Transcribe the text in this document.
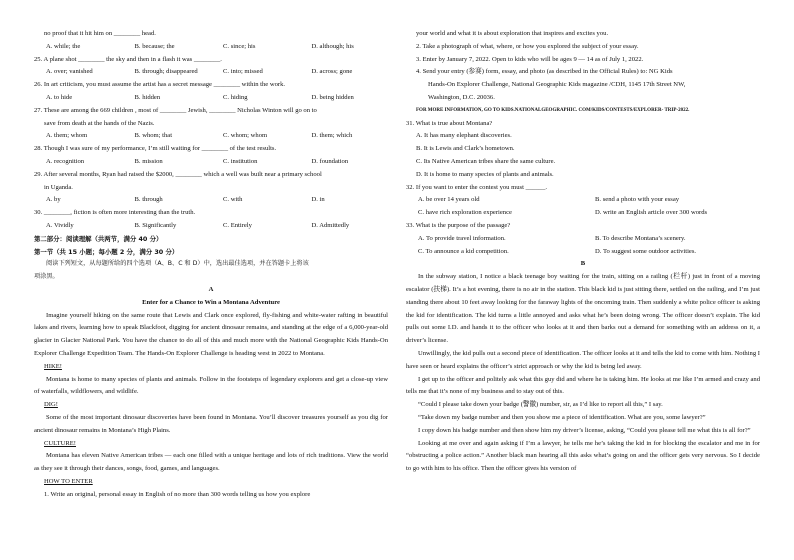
no proof that it hit him on ________ head.
A. while; the	B. because; the	C. since; his	D. although; his
25. A plane shot ________ the sky and then in a flash it was ________.
A. over; vanished	B. through; disappeared	C. into; missed	D. across; gone
26. In art criticism, you must assume the artist has a secret message ________ within the work.
A. to hide	B. hidden	C. hiding	D. being hidden
27. These are among the 669 children , most of ________ Jewish, ________ Nicholas Winton will go on to
save from death at the hands of the Nazis.
A. them; whom	B. whom; that	C. whom; whom	D. them; which
28. Though I was sure of my performance, I’m still waiting for ________ of the test results.
A. recognition	B. mission	C. institution	D. foundation
29. After several months, Ryan had raised the $2000, ________ which a well was built near a primary school
in Uganda.
A. by	B. through	C. with	D. in
30. ________, fiction is often more interesting than the truth.
A. Vividly	B. Significantly	C. Entirely	D. Admittedly
第二部分：阅读理解（共两节，满分 40 分）
第一节（共 15 小题；每小题 2 分，满分 30 分）
阅读下列短文，从每题所给的四个选项（A、B、C 和 D）中，选出最佳选项，并在答题卡上将该
项涂黑。
A
Enter for a Chance to Win a Montana Adventure
Imagine yourself hiking on the same route that Lewis and Clark once explored, fly-fishing and white-water rafting in beautiful lakes and rivers, learning how to speak Blackfoot, digging for ancient dinosaur remains, and standing at the edge of a 6,000-year-old glacier in Glacier National Park. You have the chance to do all of this and much more with the National Geographic Kids Hands-On Explorer Challenge Expedition Team. The Hands-On Explorer Challenge is heading west in 2022 to Montana.
HIKE!
Montana is home to many species of plants and animals. Follow in the footsteps of legendary explorers and get a close-up view of waterfalls, wildflowers, and wildlife.
DIG!
Some of the most important dinosaur discoveries have been found in Montana. You’ll discover treasures yourself as you dig for ancient dinosaur remains in Montana’s High Plains.
CULTURE!
Montana has eleven Native American tribes — each one filled with a unique heritage and lots of rich traditions. View the world as they see it through their dances, songs, food, games, and languages.
HOW TO ENTER
1. Write an original, personal essay in English of no more than 300 words telling us how you explore
your world and what it is about exploration that inspires and excites you.
2. Take a photograph of what, where, or how you explored the subject of your essay.
3. Enter by January 7, 2022. Open to kids who will be ages 9 — 14 as of July 1, 2022.
4. Send your entry (参赛) form, essay, and photo (as described in the Official Rules) to: NG Kids
Hands-On Explorer Challenge, National Geographic Kids magazine /CDH, 1145 17th Street NW,
Washington, D.C. 20036.
FOR MORE INFORMATION, GO TO KIDS.NATIONALGEOGRAPHIC. COM/KIDS/CONTESTS/EXPLORER- TRIP-2022.
31. What is true about Montana?
A. It has many elephant discoveries.
B. It is Lewis and Clark’s hometown.
C. Its Native American tribes share the same culture.
D. It is home to many species of plants and animals.
32. If you want to enter the contest you must ______.
A. be over 14 years old	B. send a photo with your essay
C. have rich exploration experience	D. write an English article over 300 words
33. What is the purpose of the passage?
A. To provide travel information.	B. To describe Montana’s scenery.
C. To announce a kid competition.	D. To suggest some outdoor activities.
B
In the subway station, I notice a black teenage boy waiting for the train, sitting on a railing (栏杆) just in front of a moving escalator (扶梯). It’s a hot evening, there is no air in the station. This black kid is just sitting there, settled on the railing, and I’m just standing there about 10 feet away looking for the faraway lights of the oncoming train. Then suddenly a white police officer is asking the kid for identification. The kid turns a little annoyed and asks what he’s been doing wrong. The officer doesn’t explain. The kid pulls out some I.D. and hands it to the officer who looks at it and then barks out a demand for something with an address on it, a driver’s license.
Unwillingly, the kid pulls out a second piece of identification. The officer looks at it and tells the kid to come with him. Nothing I have seen or heard explains the officer’s strict approach or why the kid is being led away.
I get up to the officer and politely ask what this guy did and where he is taking him. He looks at me like I’m armed and crazy and tells me that it’s none of my business and to stay out of this.
“Could I please take down your badge (警徽) number, sir, as I’d like to report all this,” I say.
“Take down my badge number and then you show me a piece of identification. What are you, some lawyer?”
I copy down his badge number and then show him my driver’s license, asking, “Could you please tell me what this is all for?”
Looking at me over and again asking if I’m a lawyer, he tells me he’s taking the kid in for blocking the escalator and me in for “obstructing a police action.” Another black man hearing all this asks what’s going on and the officer gets very nervous. So I decide to go with him to his office. Then the officer gives his version of
